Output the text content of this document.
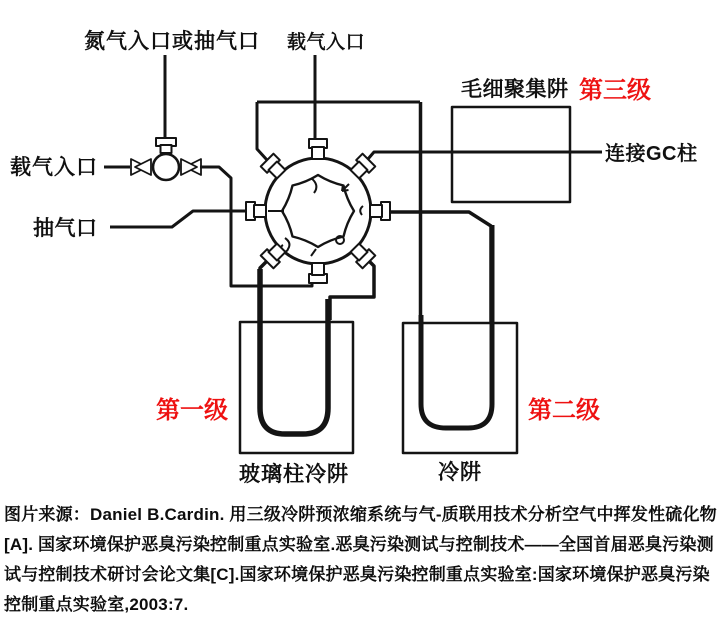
氮气入口或抽气口 载气入口
载气入口
抽气口
毛细聚集阱 第三级
连接GC柱
第一级	第二级
玻璃柱冷阱	冷阱
图片来源：Daniel B.Cardin. 用三级冷阱预浓缩系统与气-质联用技术分析空气中挥发性硫化物
[A]. 国家环境保护恶臭污染控制重点实验室.恶臭污染测试与控制技术——全国首届恶臭污染测
试与控制技术研讨会论文集[C].国家环境保护恶臭污染控制重点实验室:国家环境保护恶臭污染
控制重点实验室,2003:7.
